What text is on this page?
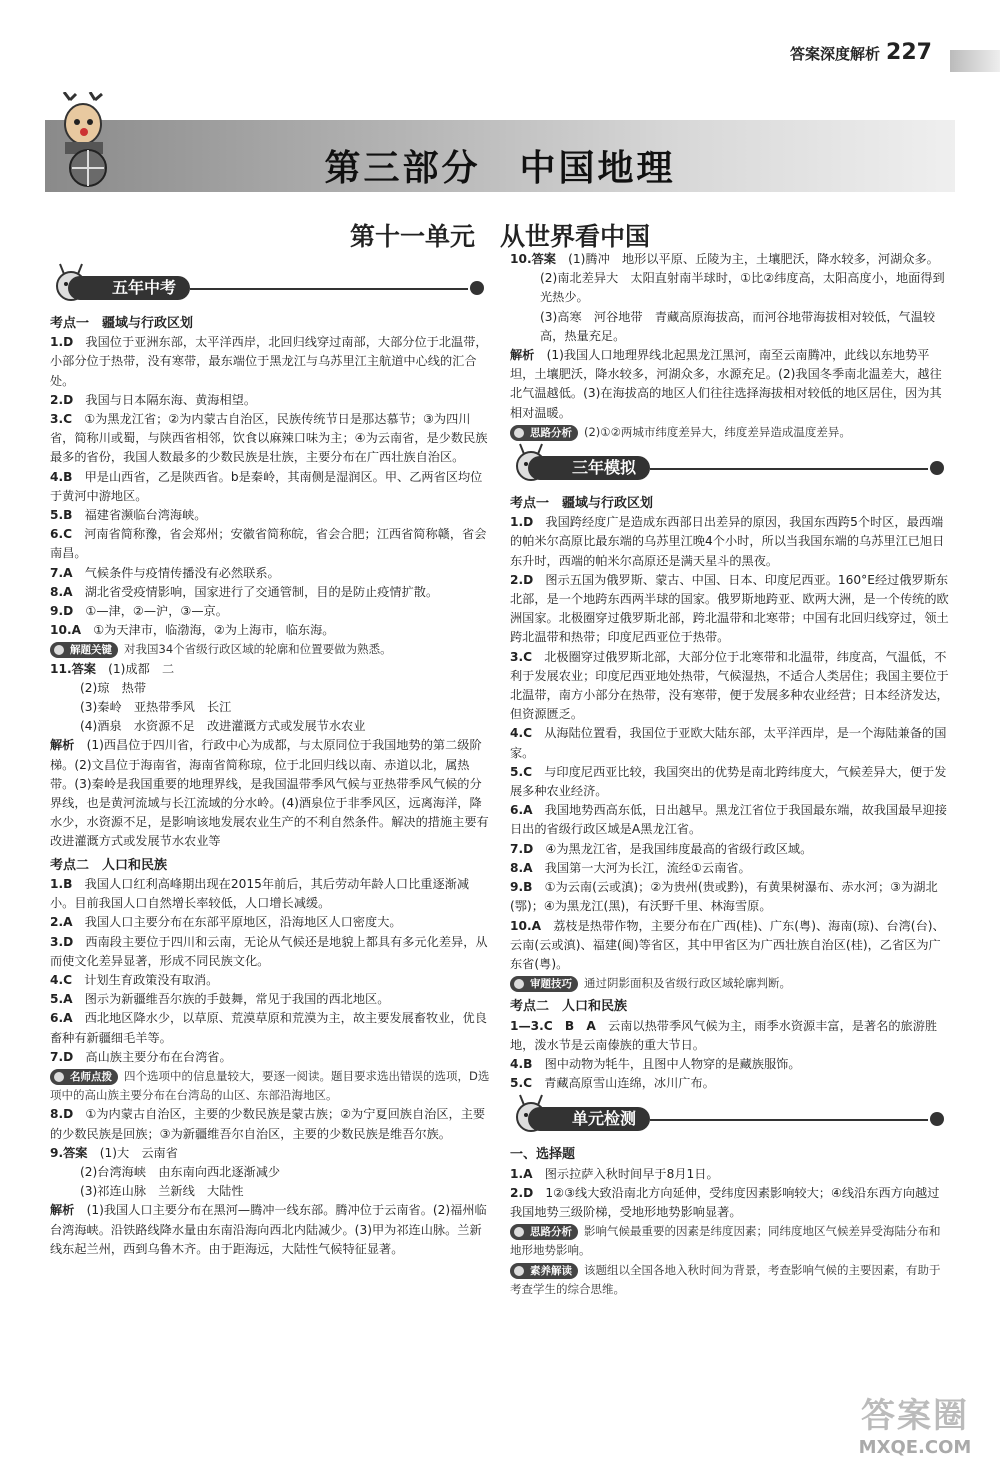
答案深度解析 227
第三部分　中国地理
第十一单元　从世界看中国
五年中考
考点一　疆域与行政区划
1.D　我国位于亚洲东部，太平洋西岸，北回归线穿过南部，大部分位于北温带，小部分位于热带，没有寒带，最东端位于黑龙江与乌苏里江主航道中心线的汇合处。
2.D　我国与日本隔东海、黄海相望。
3.C　①为黑龙江省；②为内蒙古自治区，民族传统节日是那达慕节；③为四川省，简称川或蜀，与陕西省相邻，饮食以麻辣口味为主；④为云南省，是少数民族最多的省份，我国人数最多的少数民族是壮族，主要分布在广西壮族自治区。
4.B　甲是山西省，乙是陕西省。b是秦岭，其南侧是湿润区。甲、乙两省区均位于黄河中游地区。
5.B　福建省濒临台湾海峡。
6.C　河南省简称豫，省会郑州；安徽省简称皖，省会合肥；江西省简称赣，省会南昌。
7.A　气候条件与疫情传播没有必然联系。
8.A　湖北省受疫情影响，国家进行了交通管制，目的是防止疫情扩散。
9.D　①—津，②—沪，③—京。
10.A　①为天津市，临渤海，②为上海市，临东海。
解题关键 对我国34个省级行政区域的轮廓和位置要做为熟悉。
11.答案　(1)成都　二
(2)琼　热带
(3)秦岭　亚热带季风　长江
(4)酒泉　水资源不足　改进灌溉方式或发展节水农业
解析　(1)西昌位于四川省，行政中心为成都，与太原同位于我国地势的第二级阶梯。(2)文昌位于海南省，海南省简称琼，位于北回归线以南、赤道以北，属热带。(3)秦岭是我国重要的地理界线，是我国温带季风气候与亚热带季风气候的分界线，也是黄河流域与长江流域的分水岭。(4)酒泉位于非季风区，远离海洋，降水少，水资源不足，是影响该地发展农业生产的不利自然条件。解决的措施主要有改进灌溉方式或发展节水农业等
考点二　人口和民族
1.B　我国人口红利高峰期出现在2015年前后，其后劳动年龄人口比重逐渐减小。目前我国人口自然增长率较低，人口增长减缓。
2.A　我国人口主要分布在东部平原地区，沿海地区人口密度大。
3.D　西南段主要位于四川和云南，无论从气候还是地貌上都具有多元化差异，从而使文化差异显著，形成不同民族文化。
4.C　计划生育政策没有取消。
5.A　图示为新疆维吾尔族的手鼓舞，常见于我国的西北地区。
6.A　西北地区降水少，以草原、荒漠草原和荒漠为主，故主要发展畜牧业，优良畜种有新疆细毛羊等。
7.D　高山族主要分布在台湾省。
名师点拨 四个选项中的信息量较大，要逐一阅读。题目要求选出错误的选项，D选项中的高山族主要分布在台湾岛的山区、东部沿海地区。
8.D　①为内蒙古自治区，主要的少数民族是蒙古族；②为宁夏回族自治区，主要的少数民族是回族；③为新疆维吾尔自治区，主要的少数民族是维吾尔族。
9.答案　(1)大　云南省
(2)台湾海峡　由东南向西北逐渐减少
(3)祁连山脉　兰新线　大陆性
解析　(1)我国人口主要分布在黑河—腾冲一线东部。腾冲位于云南省。(2)福州临台湾海峡。沿铁路线降水量由东南沿海向西北内陆减少。(3)甲为祁连山脉。兰新线东起兰州，西到乌鲁木齐。由于距海远，大陆性气候特征显著。
10.答案　(1)腾冲　地形以平原、丘陵为主，土壤肥沃，降水较多，河湖众多。
(2)南北差异大　太阳直射南半球时，①比②纬度高，太阳高度小，地面得到光热少。
(3)高寒　河谷地带　青藏高原海拔高，而河谷地带海拔相对较低，气温较高，热量充足。
解析　(1)我国人口地理界线北起黑龙江黑河，南至云南腾冲，此线以东地势平坦，土壤肥沃，降水较多，河湖众多，水源充足。(2)我国冬季南北温差大，越往北气温越低。(3)在海拔高的地区人们往往选择海拔相对较低的地区居住，因为其相对温暖。
思路分析 (2)①②两城市纬度差异大，纬度差异造成温度差异。
三年模拟
考点一　疆域与行政区划
1.D　我国跨经度广是造成东西部日出差异的原因，我国东西跨5个时区，最西端的帕米尔高原比最东端的乌苏里江晚4个小时，所以当我国东端的乌苏里江已旭日东升时，西端的帕米尔高原还是满天星斗的黑夜。
2.D　图示五国为俄罗斯、蒙古、中国、日本、印度尼西亚。160°E经过俄罗斯东北部，是一个地跨东西两半球的国家。俄罗斯地跨亚、欧两大洲，是一个传统的欧洲国家。北极圈穿过俄罗斯北部，跨北温带和北寒带；中国有北回归线穿过，领土跨北温带和热带；印度尼西亚位于热带。
3.C　北极圈穿过俄罗斯北部，大部分位于北寒带和北温带，纬度高，气温低，不利于发展农业；印度尼西亚地处热带，气候湿热，不适合人类居住；我国主要位于北温带，南方小部分在热带，没有寒带，便于发展多种农业经营；日本经济发达，但资源匮乏。
4.C　从海陆位置看，我国位于亚欧大陆东部，太平洋西岸，是一个海陆兼备的国家。
5.C　与印度尼西亚比较，我国突出的优势是南北跨纬度大，气候差异大，便于发展多种农业经济。
6.A　我国地势西高东低，日出越早。黑龙江省位于我国最东端，故我国最早迎接日出的省级行政区域是A黑龙江省。
7.D　④为黑龙江省，是我国纬度最高的省级行政区域。
8.A　我国第一大河为长江，流经①云南省。
9.B　①为云南(云或滇)；②为贵州(贵或黔)，有黄果树瀑布、赤水河；③为湖北(鄂)；④为黑龙江(黑)，有沃野千里、林海雪原。
10.A　荔枝是热带作物，主要分布在广西(桂)、广东(粤)、海南(琼)、台湾(台)、云南(云或滇)、福建(闽)等省区，其中甲省区为广西壮族自治区(桂)，乙省区为广东省(粤)。
审题技巧 通过阴影面积及省级行政区域轮廓判断。
考点二　人口和民族
1—3.C　B　A　云南以热带季风气候为主，雨季水资源丰富，是著名的旅游胜地，泼水节是云南傣族的重大节日。
4.B　图中动物为牦牛，且图中人物穿的是藏族服饰。
5.C　青藏高原雪山连绵，冰川广布。
单元检测
一、选择题
1.A　图示拉萨入秋时间早于8月1日。
2.D　1②③线大致沿南北方向延伸，受纬度因素影响较大；④线沿东西方向越过我国地势三级阶梯，受地形地势影响显著。
思路分析 影响气候最重要的因素是纬度因素；同纬度地区气候差异受海陆分布和地形地势影响。
素养解读 该题组以全国各地入秋时间为背景，考查影响气候的主要因素，有助于考查学生的综合思维。
答案圈
MXQE.COM
